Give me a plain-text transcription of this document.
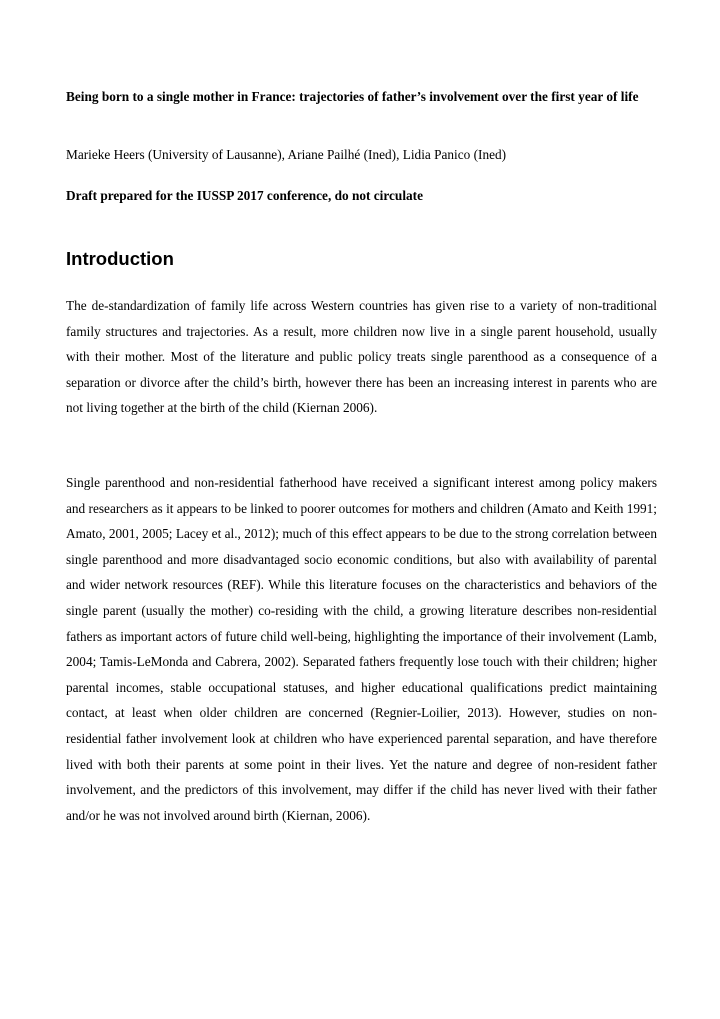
Being born to a single mother in France: trajectories of father’s involvement over the first year of life

Marieke Heers (University of Lausanne), Ariane Pailhé (Ined), Lidia Panico (Ined)

Draft prepared for the IUSSP 2017 conference, do not circulate

Introduction

The de-standardization of family life across Western countries has given rise to a variety of non-traditional family structures and trajectories. As a result, more children now live in a single parent household, usually with their mother. Most of the literature and public policy treats single parenthood as a consequence of a separation or divorce after the child’s birth, however there has been an increasing interest in parents who are not living together at the birth of the child (Kiernan 2006).

Single parenthood and non-residential fatherhood have received a significant interest among policy makers and researchers as it appears to be linked to poorer outcomes for mothers and children (Amato and Keith 1991; Amato, 2001, 2005; Lacey et al., 2012); much of this effect appears to be due to the strong correlation between single parenthood and more disadvantaged socio economic conditions, but also with availability of parental and wider network resources (REF). While this literature focuses on the characteristics and behaviors of the single parent (usually the mother) co-residing with the child, a growing literature describes non-residential fathers as important actors of future child well-being, highlighting the importance of their involvement (Lamb, 2004; Tamis-LeMonda and Cabrera, 2002). Separated fathers frequently lose touch with their children; higher parental incomes, stable occupational statuses, and higher educational qualifications predict maintaining contact, at least when older children are concerned (Regnier-Loilier, 2013). However, studies on non-residential father involvement look at children who have experienced parental separation, and have therefore lived with both their parents at some point in their lives. Yet the nature and degree of non-resident father involvement, and the predictors of this involvement, may differ if the child has never lived with their father and/or he was not involved around birth (Kiernan, 2006).
